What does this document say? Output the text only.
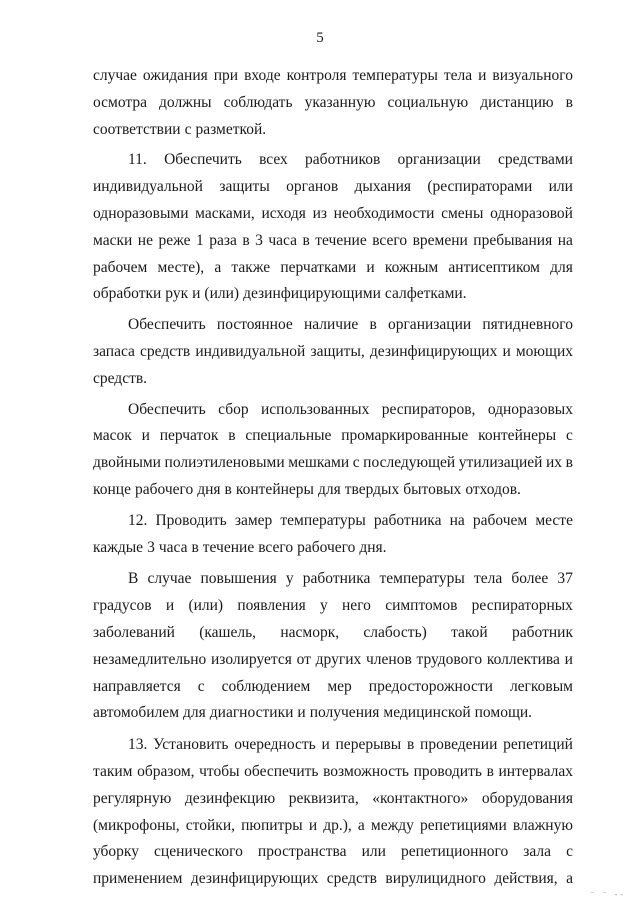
5
случае ожидания при входе контроля температуры тела и визуального
осмотра должны соблюдать указанную социальную дистанцию в
соответствии с разметкой.
11. Обеспечить всех работников организации средствами
индивидуальной защиты органов дыхания (респираторами или
одноразовыми масками, исходя из необходимости смены одноразовой
маски не реже 1 раза в 3 часа в течение всего времени пребывания на
рабочем месте), а также перчатками и кожным антисептиком для
обработки рук и (или) дезинфицирующими салфетками.
Обеспечить постоянное наличие в организации пятидневного
запаса средств индивидуальной защиты, дезинфицирующих и моющих
средств.
Обеспечить сбор использованных респираторов, одноразовых
масок и перчаток в специальные промаркированные контейнеры с
двойными полиэтиленовыми мешками с последующей утилизацией их в
конце рабочего дня в контейнеры для твердых бытовых отходов.
12. Проводить замер температуры работника на рабочем месте
каждые 3 часа в течение всего рабочего дня.
В случае повышения у работника температуры тела более 37
градусов и (или) появления у него симптомов респираторных
заболеваний (кашель, насморк, слабость) такой работник
незамедлительно изолируется от других членов трудового коллектива и
направляется с соблюдением мер предосторожности легковым
автомобилем для диагностики и получения медицинской помощи.
13. Установить очередность и перерывы в проведении репетиций
таким образом, чтобы обеспечить возможность проводить в интервалах
регулярную дезинфекцию реквизита, «контактного» оборудования
(микрофоны, стойки, пюпитры и др.), а между репетициями влажную
уборку сценического пространства или репетиционного зала с
применением дезинфицирующих средств вирулицидного действия, а
⁻ ⁻ ‐‐
